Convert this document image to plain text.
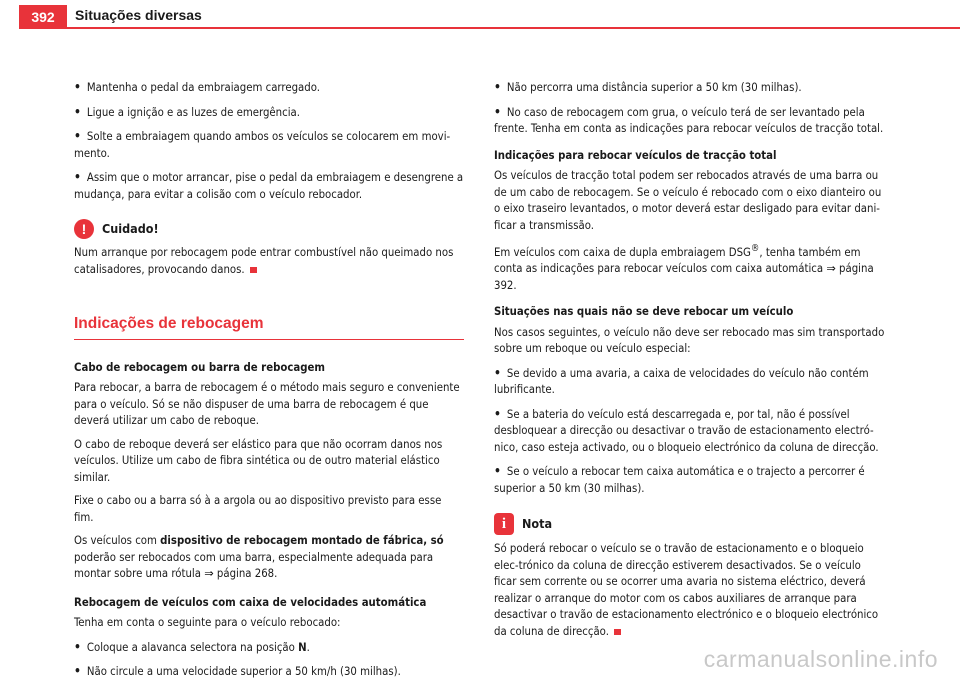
392	Situações diversas

• Mantenha o pedal da embraiagem carregado.

• Ligue a ignição e as luzes de emergência.

• Solte a embraiagem quando ambos os veículos se colocarem em movi-mento.

• Assim que o motor arrancar, pise o pedal da embraiagem e desengrene a mudança, para evitar a colisão com o veículo rebocador.

!	Cuidado!

Num arranque por rebocagem pode entrar combustível não queimado nos catalisadores, provocando danos.

Indicações de rebocagem

Cabo de rebocagem ou barra de rebocagem

Para rebocar, a barra de rebocagem é o método mais seguro e conveniente para o veículo. Só se não dispuser de uma barra de rebocagem é que deverá utilizar um cabo de reboque.

O cabo de reboque deverá ser elástico para que não ocorram danos nos veículos. Utilize um cabo de fibra sintética ou de outro material elástico similar.

Fixe o cabo ou a barra só à a argola ou ao dispositivo previsto para esse fim.

Os veículos com dispositivo de rebocagem montado de fábrica, só poderão ser rebocados com uma barra, especialmente adequada para montar sobre uma rótula ⇒ página 268.

Rebocagem de veículos com caixa de velocidades automática

Tenha em conta o seguinte para o veículo rebocado:

• Coloque a alavanca selectora na posição N.

• Não circule a uma velocidade superior a 50 km/h (30 milhas).

• Não percorra uma distância superior a 50 km (30 milhas).

• No caso de rebocagem com grua, o veículo terá de ser levantado pela frente. Tenha em conta as indicações para rebocar veículos de tracção total.

Indicações para rebocar veículos de tracção total

Os veículos de tracção total podem ser rebocados através de uma barra ou de um cabo de rebocagem. Se o veículo é rebocado com o eixo dianteiro ou o eixo traseiro levantados, o motor deverá estar desligado para evitar dani-ficar a transmissão.

Em veículos com caixa de dupla embraiagem DSG®, tenha também em conta as indicações para rebocar veículos com caixa automática ⇒ página 392.

Situações nas quais não se deve rebocar um veículo

Nos casos seguintes, o veículo não deve ser rebocado mas sim transportado sobre um reboque ou veículo especial:

• Se devido a uma avaria, a caixa de velocidades do veículo não contém lubrificante.

• Se a bateria do veículo está descarregada e, por tal, não é possível desbloquear a direcção ou desactivar o travão de estacionamento electró-nico, caso esteja activado, ou o bloqueio electrónico da coluna de direcção.

• Se o veículo a rebocar tem caixa automática e o trajecto a percorrer é superior a 50 km (30 milhas).

i	Nota

Só poderá rebocar o veículo se o travão de estacionamento e o bloqueio elec-trónico da coluna de direcção estiverem desactivados. Se o veículo ficar sem corrente ou se ocorrer uma avaria no sistema eléctrico, deverá realizar o arranque do motor com os cabos auxiliares de arranque para desactivar o travão de estacionamento electrónico e o bloqueio electrónico da coluna de direcção.

carmanualsonline.info
